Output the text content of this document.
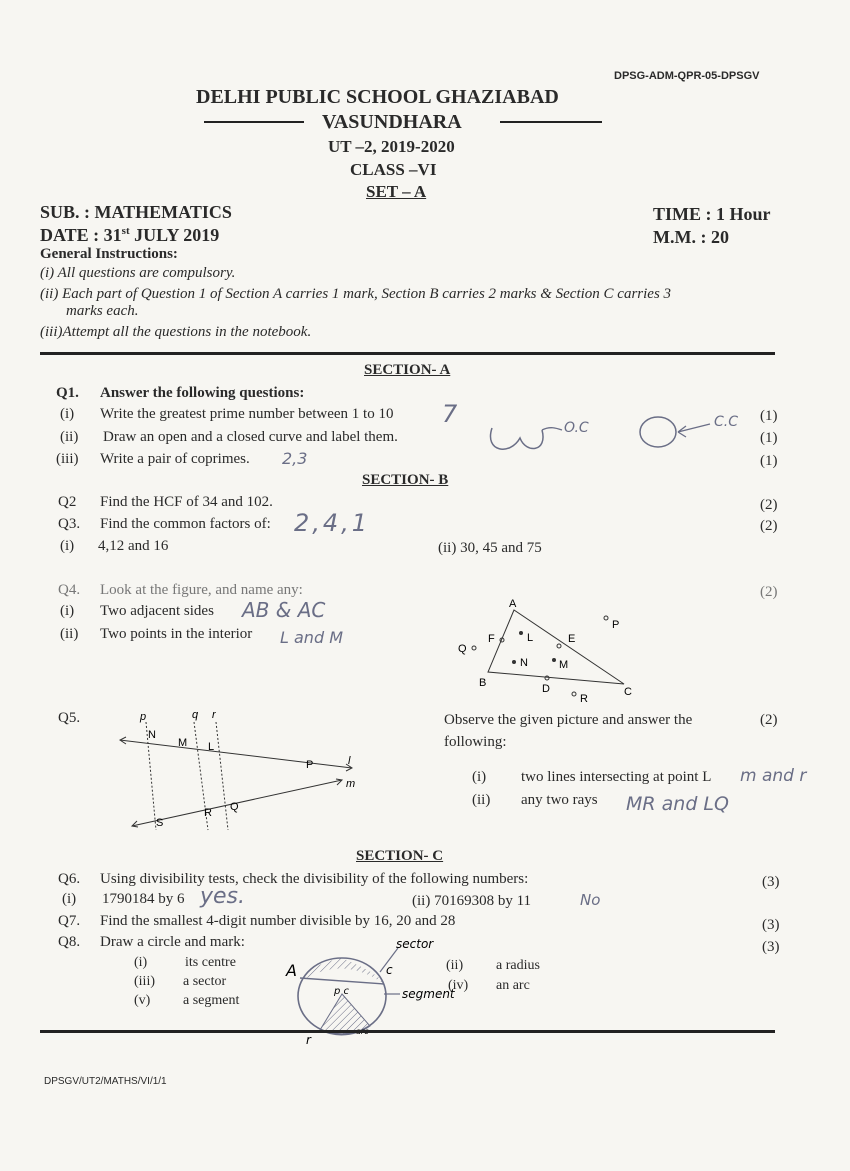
DPSG-ADM-QPR-05-DPSGV
DELHI PUBLIC SCHOOL GHAZIABAD
VASUNDHARA
UT –2, 2019-2020
CLASS –VI
SET – A
SUB. : MATHEMATICS
DATE : 31st JULY 2019
TIME : 1 Hour
M.M. : 20
General Instructions:
(i) All questions are compulsory.
(ii) Each part of Question 1 of Section A carries 1 mark, Section B carries 2 marks & Section C carries 3
marks each.
(iii)Attempt all the questions in the notebook.
SECTION- A
Q1. Answer the following questions:
(i) Write the greatest prime number between 1 to 10 7	(1)
(ii) Draw an open and a closed curve and label them.	(1)
O.C	C.C
(iii) Write a pair of coprimes. 2,3	(1)
SECTION- B
Q2 Find the HCF of 34 and 102.	(2)
Q3. Find the common factors of: 2,4,1	(2)
(i) 4,12 and 16	(ii) 30, 45 and 75
Q4. Look at the figure, and name any:	(2)
(i) Two adjacent sides AB & AC
(ii) Two points in the interior L and M
A
B
C
D
E
F	L
M
N
P
Q
R
Q5.	p	q r
N
M L
P	l
m
S
R Q
Observe the given picture and answer the
following:
(2)
(i) two lines intersecting at point L m and r
(ii) any two rays MR and LQ
SECTION- C
Q6. Using divisibility tests, check the divisibility of the following numbers:	(3)
(i) 1790184 by 6 yes.	(ii) 70169308 by 11	No
Q7. Find the smallest 4-digit number divisible by 16, 20 and 28	(3)
Q8. Draw a circle and mark:	(3)
(i)	its centre	(ii) a radius
(iii) a sector	(iv) an arc
(v) a segment
sector
segment
A	c
p c
r
DPSGV/UT2/MATHS/VI/1/1
